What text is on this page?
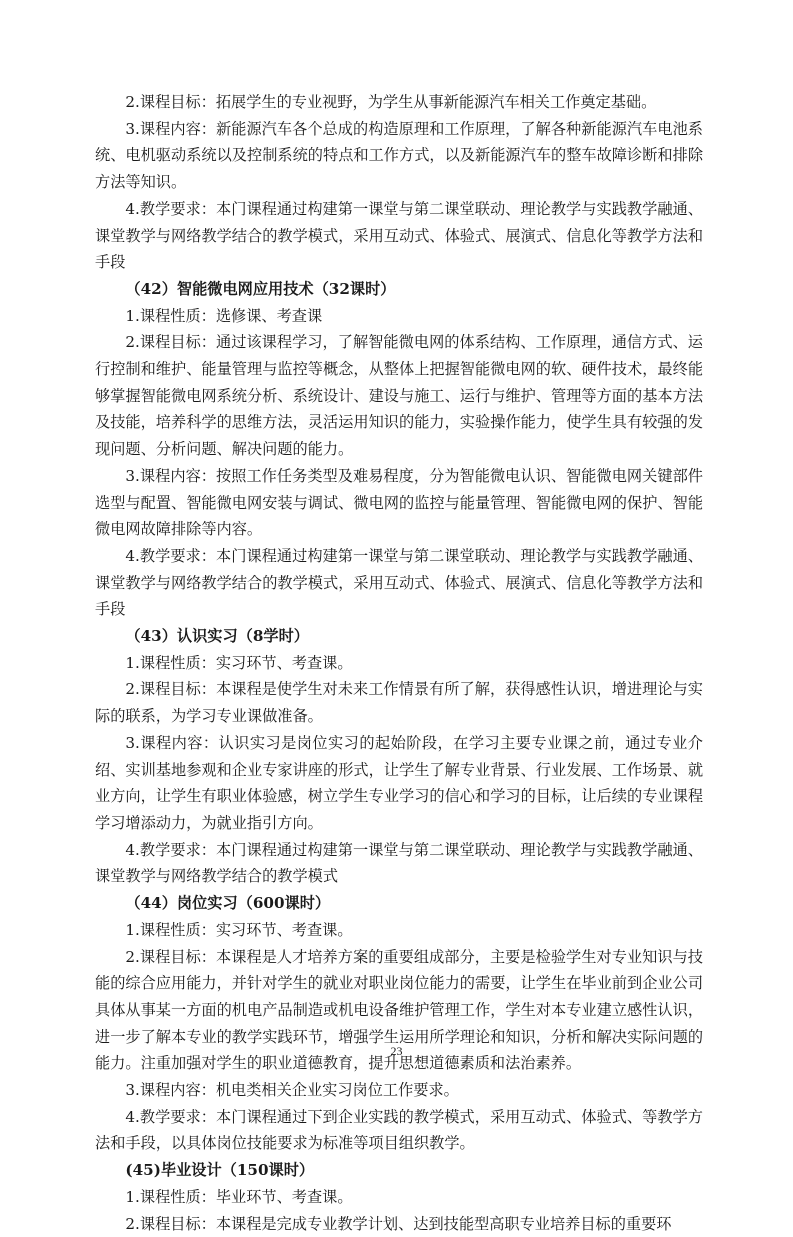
2.课程目标：拓展学生的专业视野，为学生从事新能源汽车相关工作奠定基础。

3.课程内容：新能源汽车各个总成的构造原理和工作原理，了解各种新能源汽车电池系统、电机驱动系统以及控制系统的特点和工作方式，以及新能源汽车的整车故障诊断和排除方法等知识。

4.教学要求：本门课程通过构建第一课堂与第二课堂联动、理论教学与实践教学融通、课堂教学与网络教学结合的教学模式，采用互动式、体验式、展演式、信息化等教学方法和手段

（42）智能微电网应用技术（32课时）

1.课程性质：选修课、考查课

2.课程目标：通过该课程学习，了解智能微电网的体系结构、工作原理，通信方式、运行控制和维护、能量管理与监控等概念，从整体上把握智能微电网的软、硬件技术，最终能够掌握智能微电网系统分析、系统设计、建设与施工、运行与维护、管理等方面的基本方法及技能，培养科学的思维方法，灵活运用知识的能力，实验操作能力，使学生具有较强的发现问题、分析问题、解决问题的能力。

3.课程内容：按照工作任务类型及难易程度，分为智能微电认识、智能微电网关键部件选型与配置、智能微电网安装与调试、微电网的监控与能量管理、智能微电网的保护、智能微电网故障排除等内容。

4.教学要求：本门课程通过构建第一课堂与第二课堂联动、理论教学与实践教学融通、课堂教学与网络教学结合的教学模式，采用互动式、体验式、展演式、信息化等教学方法和手段

（43）认识实习（8学时）

1.课程性质：实习环节、考查课。

2.课程目标：本课程是使学生对未来工作情景有所了解，获得感性认识，增进理论与实际的联系，为学习专业课做准备。

3.课程内容：认识实习是岗位实习的起始阶段，在学习主要专业课之前，通过专业介绍、实训基地参观和企业专家讲座的形式，让学生了解专业背景、行业发展、工作场景、就业方向，让学生有职业体验感，树立学生专业学习的信心和学习的目标，让后续的专业课程学习增添动力，为就业指引方向。

4.教学要求：本门课程通过构建第一课堂与第二课堂联动、理论教学与实践教学融通、课堂教学与网络教学结合的教学模式

（44）岗位实习（600课时）

1.课程性质：实习环节、考查课。

2.课程目标：本课程是人才培养方案的重要组成部分，主要是检验学生对专业知识与技能的综合应用能力，并针对学生的就业对职业岗位能力的需要，让学生在毕业前到企业公司具体从事某一方面的机电产品制造或机电设备维护管理工作，学生对本专业建立感性认识，进一步了解本专业的教学实践环节，增强学生运用所学理论和知识，分析和解决实际问题的能力。注重加强对学生的职业道德教育，提升思想道德素质和法治素养。

3.课程内容：机电类相关企业实习岗位工作要求。

4.教学要求：本门课程通过下到企业实践的教学模式，采用互动式、体验式、等教学方法和手段，以具体岗位技能要求为标准等项目组织教学。

(45)毕业设计（150课时）

1.课程性质：毕业环节、考查课。

2.课程目标：本课程是完成专业教学计划、达到技能型高职专业培养目标的重要环

23
